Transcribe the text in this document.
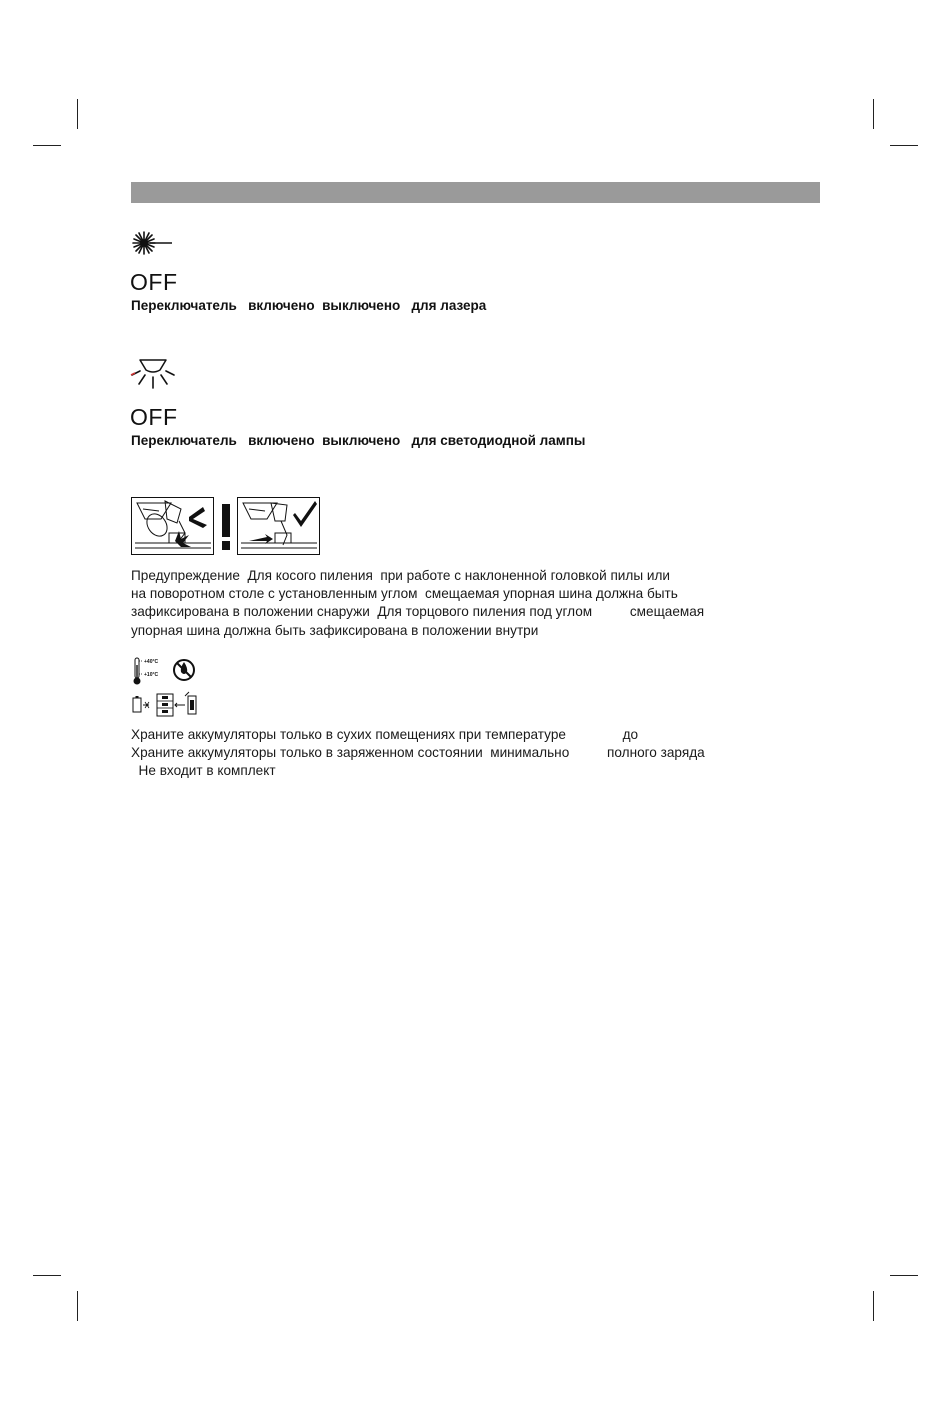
OFF
Переключатель   включено  выключено   для лазера
OFF
Переключатель   включено  выключено   для светодиодной лампы
Предупреждение  Для косого пиления  при работе с наклоненной головкой пилы или
на поворотном столе с установленным углом  смещаемая упорная шина должна быть
зафиксирована в положении снаружи  Для торцового пиления под углом          смещаемая
упорная шина должна быть зафиксирована в положении внутри
+40°C
+10°C
Храните аккумуляторы только в сухих помещениях при температуре               до
Храните аккумуляторы только в заряженном состоянии  минимально          полного заряда
Не входит в комплект
